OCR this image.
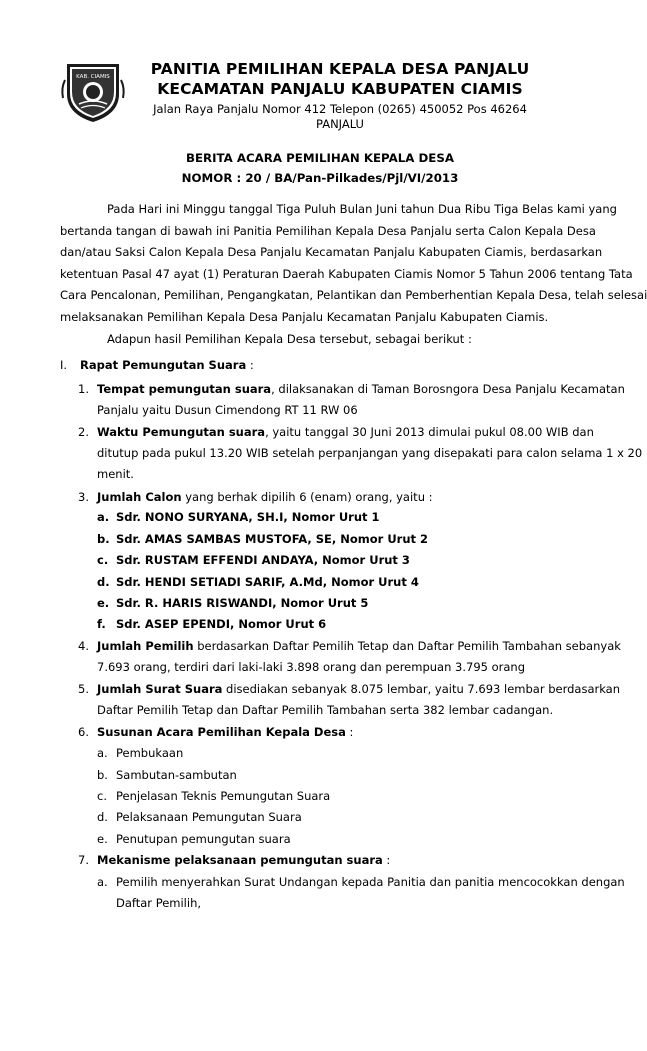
KAB. CIAMIS	PANITIA PEMILIHAN KEPALA DESA PANJALU
KECAMATAN PANJALU KABUPATEN CIAMIS
Jalan Raya Panjalu Nomor 412 Telepon (0265) 450052 Pos 46264
PANJALU
BERITA ACARA PEMILIHAN KEPALA DESA
NOMOR : 20 / BA/Pan-Pilkades/Pjl/VI/2013
Pada Hari ini Minggu tanggal Tiga Puluh Bulan Juni tahun Dua Ribu Tiga Belas kami yang
bertanda tangan di bawah ini Panitia Pemilihan Kepala Desa Panjalu serta Calon Kepala Desa
dan/atau Saksi Calon Kepala Desa Panjalu Kecamatan Panjalu Kabupaten Ciamis, berdasarkan
ketentuan Pasal 47 ayat (1) Peraturan Daerah Kabupaten Ciamis Nomor 5 Tahun 2006 tentang Tata
Cara Pencalonan, Pemilihan, Pengangkatan, Pelantikan dan Pemberhentian Kepala Desa, telah selesai
melaksanakan Pemilihan Kepala Desa Panjalu Kecamatan Panjalu Kabupaten Ciamis.
Adapun hasil Pemilihan Kepala Desa tersebut, sebagai berikut :
I. Rapat Pemungutan Suara :
1. Tempat pemungutan suara, dilaksanakan di Taman Borosngora Desa Panjalu Kecamatan
Panjalu yaitu Dusun Cimendong RT 11 RW 06
2. Waktu Pemungutan suara, yaitu tanggal 30 Juni 2013 dimulai pukul 08.00 WIB dan
ditutup pada pukul 13.20 WIB setelah perpanjangan yang disepakati para calon selama 1 x 20
menit.
3. Jumlah Calon yang berhak dipilih 6 (enam) orang, yaitu :
a. Sdr. NONO SURYANA, SH.I, Nomor Urut 1
b. Sdr. AMAS SAMBAS MUSTOFA, SE, Nomor Urut 2
c. Sdr. RUSTAM EFFENDI ANDAYA, Nomor Urut 3
d. Sdr. HENDI SETIADI SARIF, A.Md, Nomor Urut 4
e. Sdr. R. HARIS RISWANDI, Nomor Urut 5
f. Sdr. ASEP EPENDI, Nomor Urut 6
4. Jumlah Pemilih berdasarkan Daftar Pemilih Tetap dan Daftar Pemilih Tambahan sebanyak
7.693 orang, terdiri dari laki-laki 3.898 orang dan perempuan 3.795 orang
5. Jumlah Surat Suara disediakan sebanyak 8.075 lembar, yaitu 7.693 lembar berdasarkan
Daftar Pemilih Tetap dan Daftar Pemilih Tambahan serta 382 lembar cadangan.
6. Susunan Acara Pemilihan Kepala Desa :
a. Pembukaan
b. Sambutan-sambutan
c. Penjelasan Teknis Pemungutan Suara
d. Pelaksanaan Pemungutan Suara
e. Penutupan pemungutan suara
7. Mekanisme pelaksanaan pemungutan suara :
a. Pemilih menyerahkan Surat Undangan kepada Panitia dan panitia mencocokkan dengan
Daftar Pemilih,
